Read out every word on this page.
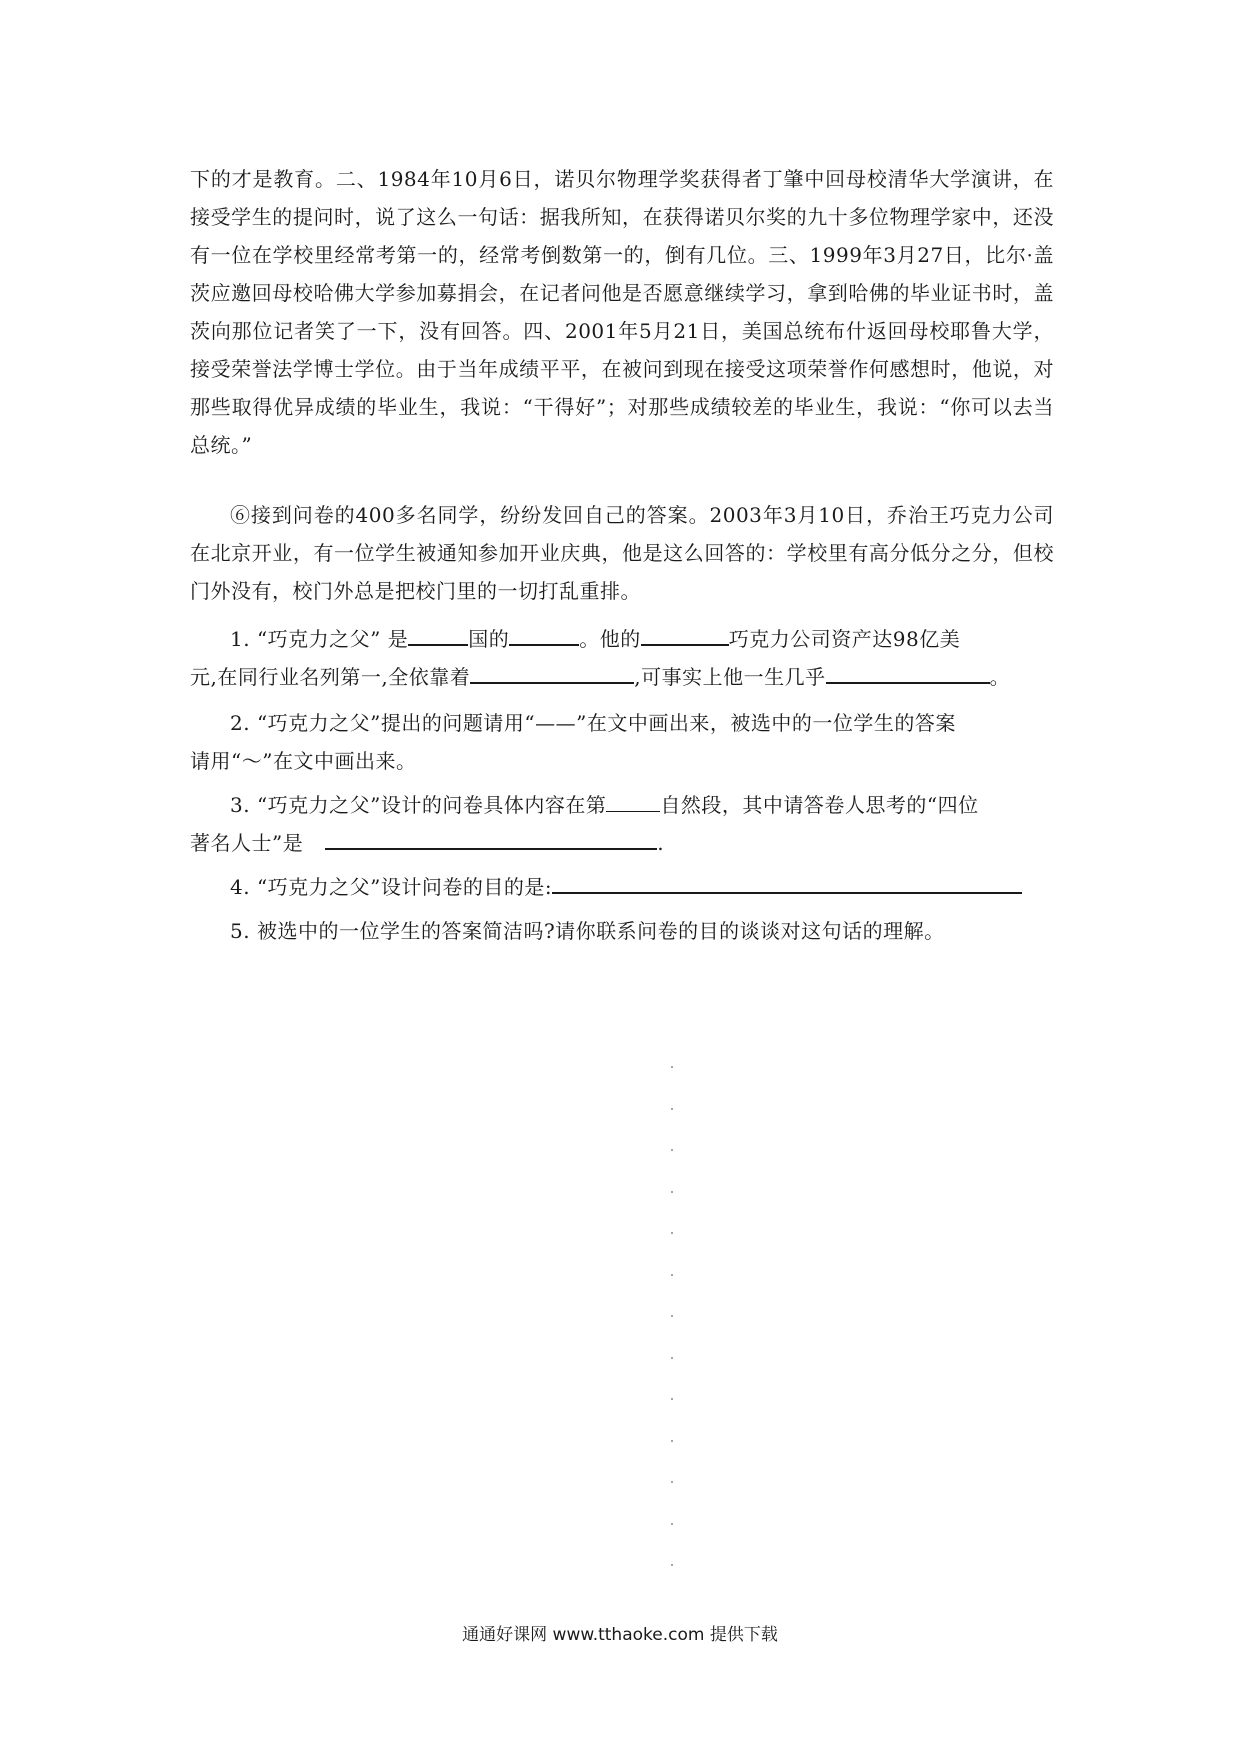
下的才是教育。二、1984年10月6日，诺贝尔物理学奖获得者丁肇中回母校清华大学演讲，在接受学生的提问时，说了这么一句话：据我所知，在获得诺贝尔奖的九十多位物理学家中，还没有一位在学校里经常考第一的，经常考倒数第一的，倒有几位。三、1999年3月27日，比尔·盖茨应邀回母校哈佛大学参加募捐会，在记者问他是否愿意继续学习，拿到哈佛的毕业证书时，盖茨向那位记者笑了一下，没有回答。四、2001年5月21日，美国总统布什返回母校耶鲁大学，接受荣誉法学博士学位。由于当年成绩平平，在被问到现在接受这项荣誉作何感想时，他说，对那些取得优异成绩的毕业生，我说：“干得好”；对那些成绩较差的毕业生，我说：“你可以去当总统。”
⑥接到问卷的400多名同学，纷纷发回自己的答案。2003年3月10日，乔治王巧克力公司在北京开业，有一位学生被通知参加开业庆典，他是这么回答的：学校里有高分低分之分，但校门外没有，校门外总是把校门里的一切打乱重排。
1. “巧克力之父” 是	国的	。他的	巧克力公司资产达98亿美
元,在同行业名列第一,全依靠着	,可事实上他一生几乎	。
2. “巧克力之父”提出的问题请用“——”在文中画出来，被选中的一位学生的答案
请用“～”在文中画出来。
3. “巧克力之父”设计的问卷具体内容在第	自然段，其中请答卷人思考的“四位
著名人士”是	.
4. “巧克力之父”设计问卷的目的是:
5. 被选中的一位学生的答案简洁吗?请你联系问卷的目的谈谈对这句话的理解。
通通好课网 www.tthaoke.com 提供下载
